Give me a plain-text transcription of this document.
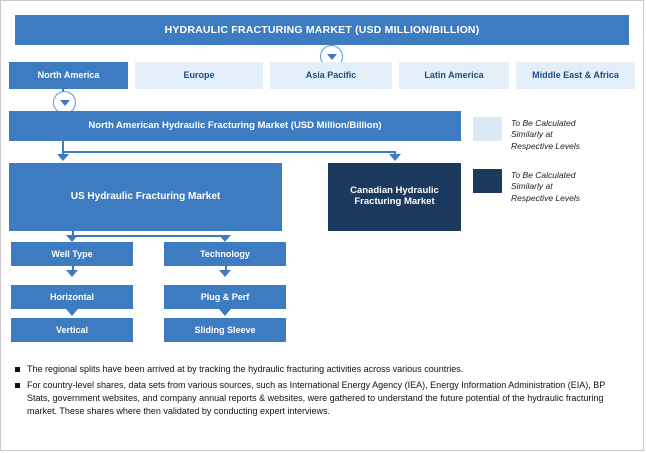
HYDRAULIC FRACTURING MARKET (USD MILLION/BILLION)
North America	Europe	Asia Pacific	Latin America	Middle East & Africa
North American Hydraulic Fracturing Market (USD Million/Billion)
US Hydraulic Fracturing Market
Canadian Hydraulic Fracturing Market
Well Type	Technology
Horizontal	Plug & Perf
Vertical	Sliding Sleeve
To Be Calculated
Similarly at
Respective Levels
To Be Calculated
Similarly at
Respective Levels
The regional splits have been arrived at by tracking the hydraulic fracturing activities across various countries.
For country-level shares, data sets from various sources, such as International Energy Agency (IEA), Energy Information Administration (EIA), BP Stats, government websites, and company annual reports & websites, were gathered to understand the future potential of the hydraulic fracturing market. These shares where then validated by conducting expert interviews.
